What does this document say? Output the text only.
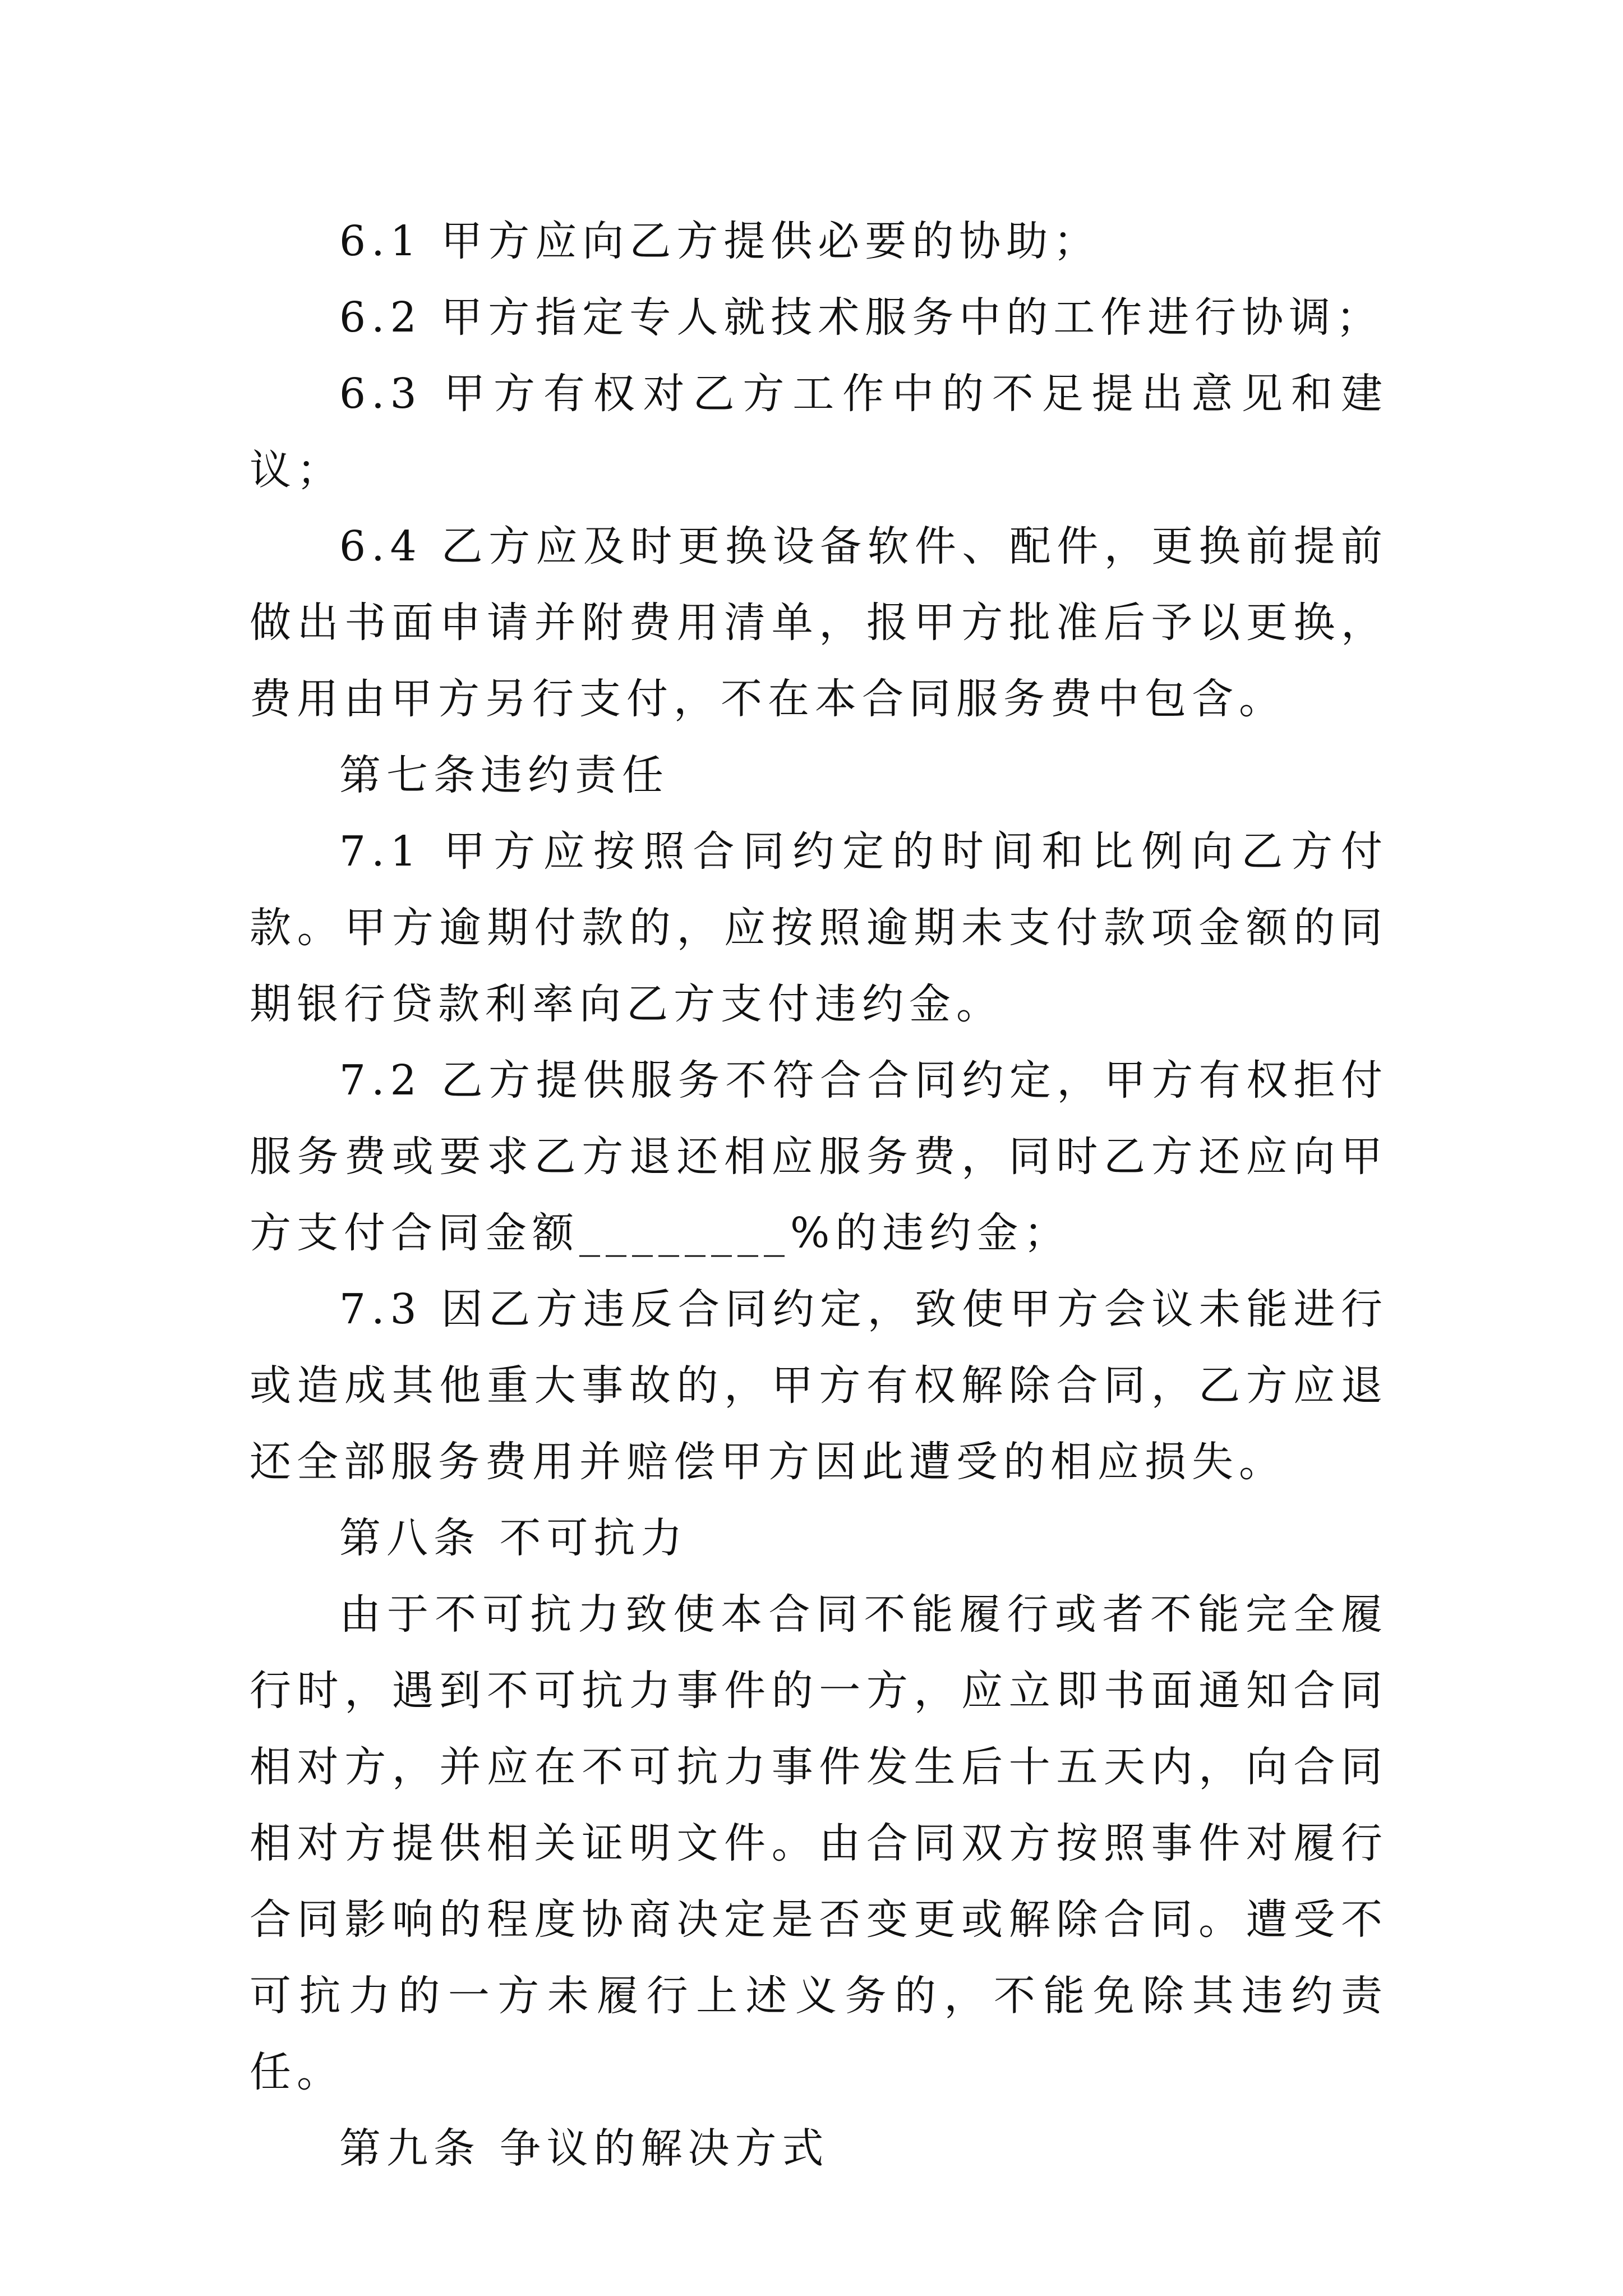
6.1 甲方应向乙方提供必要的协助；

6.2 甲方指定专人就技术服务中的工作进行协调；

6.3 甲方有权对乙方工作中的不足提出意见和建议；

6.4 乙方应及时更换设备软件、配件，更换前提前做出书面申请并附费用清单，报甲方批准后予以更换，费用由甲方另行支付，不在本合同服务费中包含。

第七条违约责任

7.1 甲方应按照合同约定的时间和比例向乙方付款。甲方逾期付款的，应按照逾期未支付款项金额的同期银行贷款利率向乙方支付违约金。

7.2 乙方提供服务不符合合同约定，甲方有权拒付服务费或要求乙方退还相应服务费，同时乙方还应向甲方支付合同金额________%的违约金；

7.3 因乙方违反合同约定，致使甲方会议未能进行或造成其他重大事故的，甲方有权解除合同，乙方应退还全部服务费用并赔偿甲方因此遭受的相应损失。

第八条 不可抗力

由于不可抗力致使本合同不能履行或者不能完全履行时，遇到不可抗力事件的一方，应立即书面通知合同相对方，并应在不可抗力事件发生后十五天内，向合同相对方提供相关证明文件。由合同双方按照事件对履行合同影响的程度协商决定是否变更或解除合同。遭受不可抗力的一方未履行上述义务的，不能免除其违约责任。

第九条 争议的解决方式
